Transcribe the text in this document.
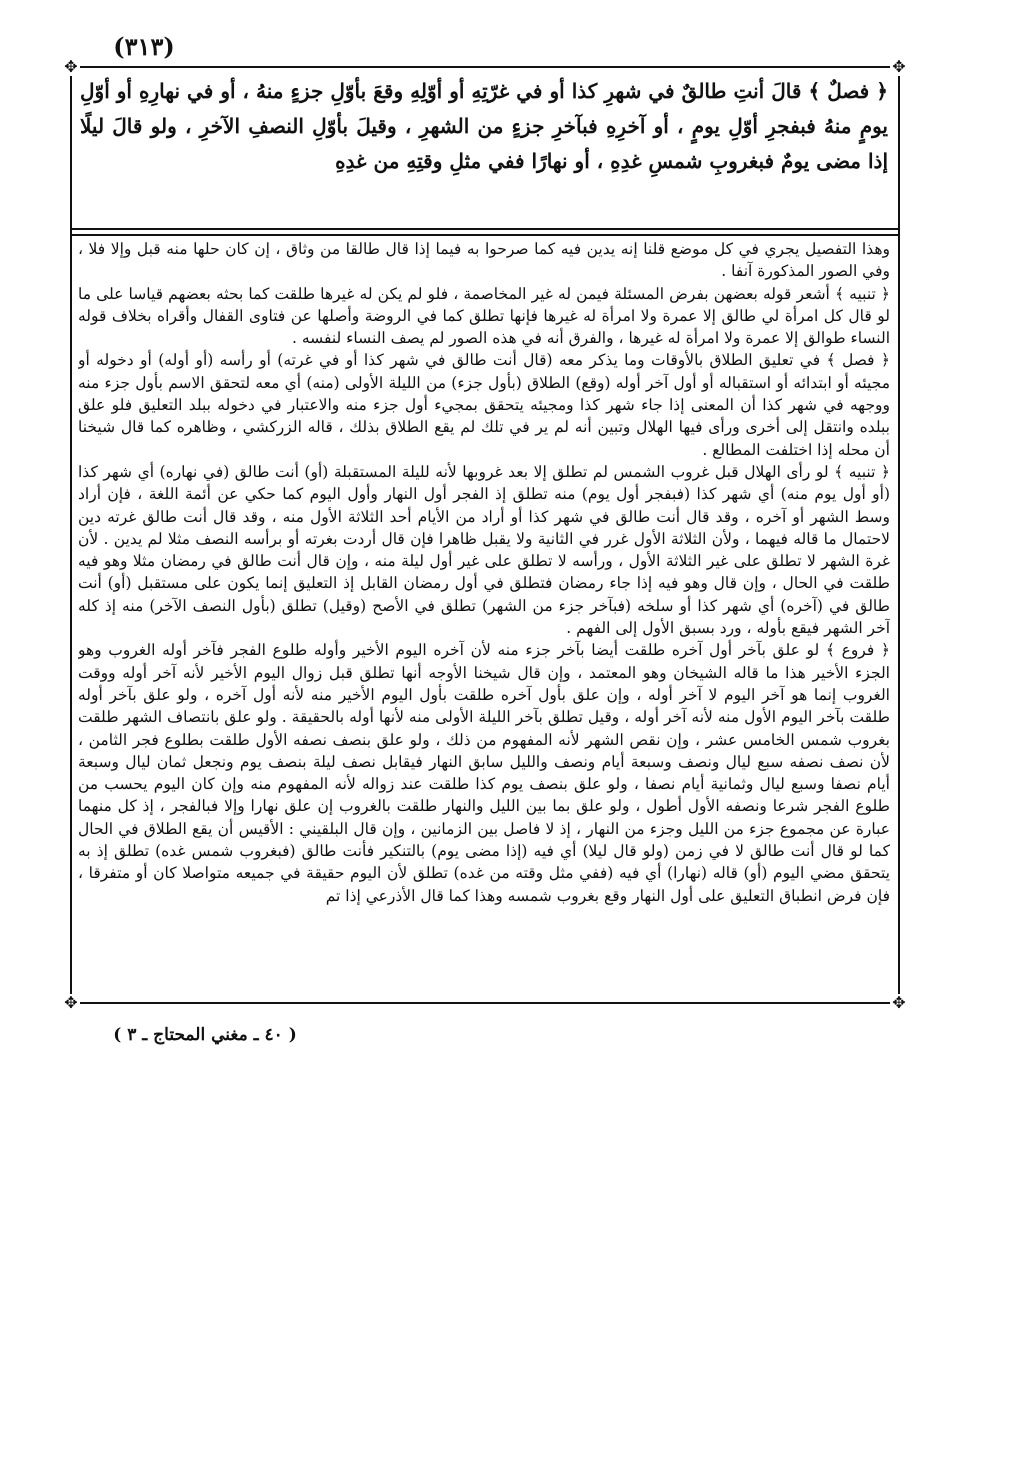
(٣١٣)
✥	✥
✥	✥

﴿ فصلٌ ﴾ قالَ أنتِ طالقٌ في شهرِ كذا أو في غرّتِهِ أو أوّلِهِ وقعَ بأوّلِ جزءٍ منهُ ، أو في نهارِهِ أو أوّلِ يومٍ منهُ فبفجرِ أوّلِ يومٍ ، أو آخرِهِ فبآخرِ جزءٍ من الشهرِ ، وقيلَ بأوّلِ النصفِ الآخرِ ، ولو قالَ ليلًا إذا مضى يومٌ فبغروبِ شمسِ غدِهِ ، أو نهارًا ففي مثلِ وقتِهِ من غدِهِ

وهذا التفصيل يجري في كل موضع قلنا إنه يدين فيه كما صرحوا به فيما إذا قال طالقا من وثاق ، إن كان حلها منه قبل وإلا فلا ، وفي الصور المذكورة آنفا .

﴿ تنبيه ﴾ أشعر قوله بعضهن بفرض المسئلة فيمن له غير المخاصمة ، فلو لم يكن له غيرها طلقت كما بحثه بعضهم قياسا على ما لو قال كل امرأة لي طالق إلا عمرة ولا امرأة له غيرها فإنها تطلق كما في الروضة وأصلها عن فتاوى القفال وأقراه بخلاف قوله النساء طوالق إلا عمرة ولا امرأة له غيرها ، والفرق أنه في هذه الصور لم يصف النساء لنفسه .

﴿ فصل ﴾ في تعليق الطلاق بالأوقات وما يذكر معه (قال أنت طالق في شهر كذا أو في غرته) أو رأسه (أو أوله) أو دخوله أو مجيئه أو ابتدائه أو استقباله أو أول آخر أوله (وقع) الطلاق (بأول جزء) من الليلة الأولى (منه) أي معه لتحقق الاسم بأول جزء منه ووجهه في شهر كذا أن المعنى إذا جاء شهر كذا ومجيئه يتحقق بمجيء أول جزء منه والاعتبار في دخوله ببلد التعليق فلو علق ببلده وانتقل إلى أخرى ورأى فيها الهلال وتبين أنه لم ير في تلك لم يقع الطلاق بذلك ، قاله الزركشي ، وظاهره كما قال شيخنا أن محله إذا اختلفت المطالع .

﴿ تنبيه ﴾ لو رأى الهلال قبل غروب الشمس لم تطلق إلا بعد غروبها لأنه لليلة المستقبلة (أو) أنت طالق (في نهاره) أي شهر كذا (أو أول يوم منه) أي شهر كذا (فبفجر أول يوم) منه تطلق إذ الفجر أول النهار وأول اليوم كما حكي عن أئمة اللغة ، فإن أراد وسط الشهر أو آخره ، وقد قال أنت طالق في شهر كذا أو أراد من الأيام أحد الثلاثة الأول منه ، وقد قال أنت طالق غرته دين لاحتمال ما قاله فيهما ، ولأن الثلاثة الأول غرر في الثانية ولا يقبل ظاهرا فإن قال أردت بغرته أو برأسه النصف مثلا لم يدين . لأن غرة الشهر لا تطلق على غير الثلاثة الأول ، ورأسه لا تطلق على غير أول ليلة منه ، وإن قال أنت طالق في رمضان مثلا وهو فيه طلقت في الحال ، وإن قال وهو فيه إذا جاء رمضان فتطلق في أول رمضان القابل إذ التعليق إنما يكون على مستقبل (أو) أنت طالق في (آخره) أي شهر كذا أو سلخه (فبآخر جزء من الشهر) تطلق في الأصح (وقيل) تطلق (بأول النصف الآخر) منه إذ كله آخر الشهر فيقع بأوله ، ورد بسبق الأول إلى الفهم .

﴿ فروع ﴾ لو علق بآخر أول آخره طلقت أيضا بآخر جزء منه لأن آخره اليوم الأخير وأوله طلوع الفجر فآخر أوله الغروب وهو الجزء الأخير هذا ما قاله الشيخان وهو المعتمد ، وإن قال شيخنا الأوجه أنها تطلق قبل زوال اليوم الأخير لأنه آخر أوله ووقت الغروب إنما هو آخر اليوم لا آخر أوله ، وإن علق بأول آخره طلقت بأول اليوم الأخير منه لأنه أول آخره ، ولو علق بآخر أوله طلقت بآخر اليوم الأول منه لأنه آخر أوله ، وقيل تطلق بآخر الليلة الأولى منه لأنها أوله بالحقيقة . ولو علق بانتصاف الشهر طلقت بغروب شمس الخامس عشر ، وإن نقص الشهر لأنه المفهوم من ذلك ، ولو علق بنصف نصفه الأول طلقت بطلوع فجر الثامن ، لأن نصف نصفه سبع ليال ونصف وسبعة أيام ونصف والليل سابق النهار فيقابل نصف ليلة بنصف يوم ونجعل ثمان ليال وسبعة أيام نصفا وسبع ليال وثمانية أيام نصفا ، ولو علق بنصف يوم كذا طلقت عند زواله لأنه المفهوم منه وإن كان اليوم يحسب من طلوع الفجر شرعا ونصفه الأول أطول ، ولو علق بما بين الليل والنهار طلقت بالغروب إن علق نهارا وإلا فبالفجر ، إذ كل منهما عبارة عن مجموع جزء من الليل وجزء من النهار ، إذ لا فاصل بين الزمانين ، وإن قال البلقيني : الأقيس أن يقع الطلاق في الحال كما لو قال أنت طالق لا في زمن (ولو قال ليلا) أي فيه (إذا مضى يوم) بالتنكير فأنت طالق (فبغروب شمس غده) تطلق إذ به يتحقق مضي اليوم (أو) قاله (نهارا) أي فيه (ففي مثل وقته من غده) تطلق لأن اليوم حقيقة في جميعه متواصلا كان أو متفرقا ، فإن فرض انطباق التعليق على أول النهار وقع بغروب شمسه وهذا كما قال الأذرعي إذا تم

( ٤٠ ـ مغني المحتاج ـ ٣ )
